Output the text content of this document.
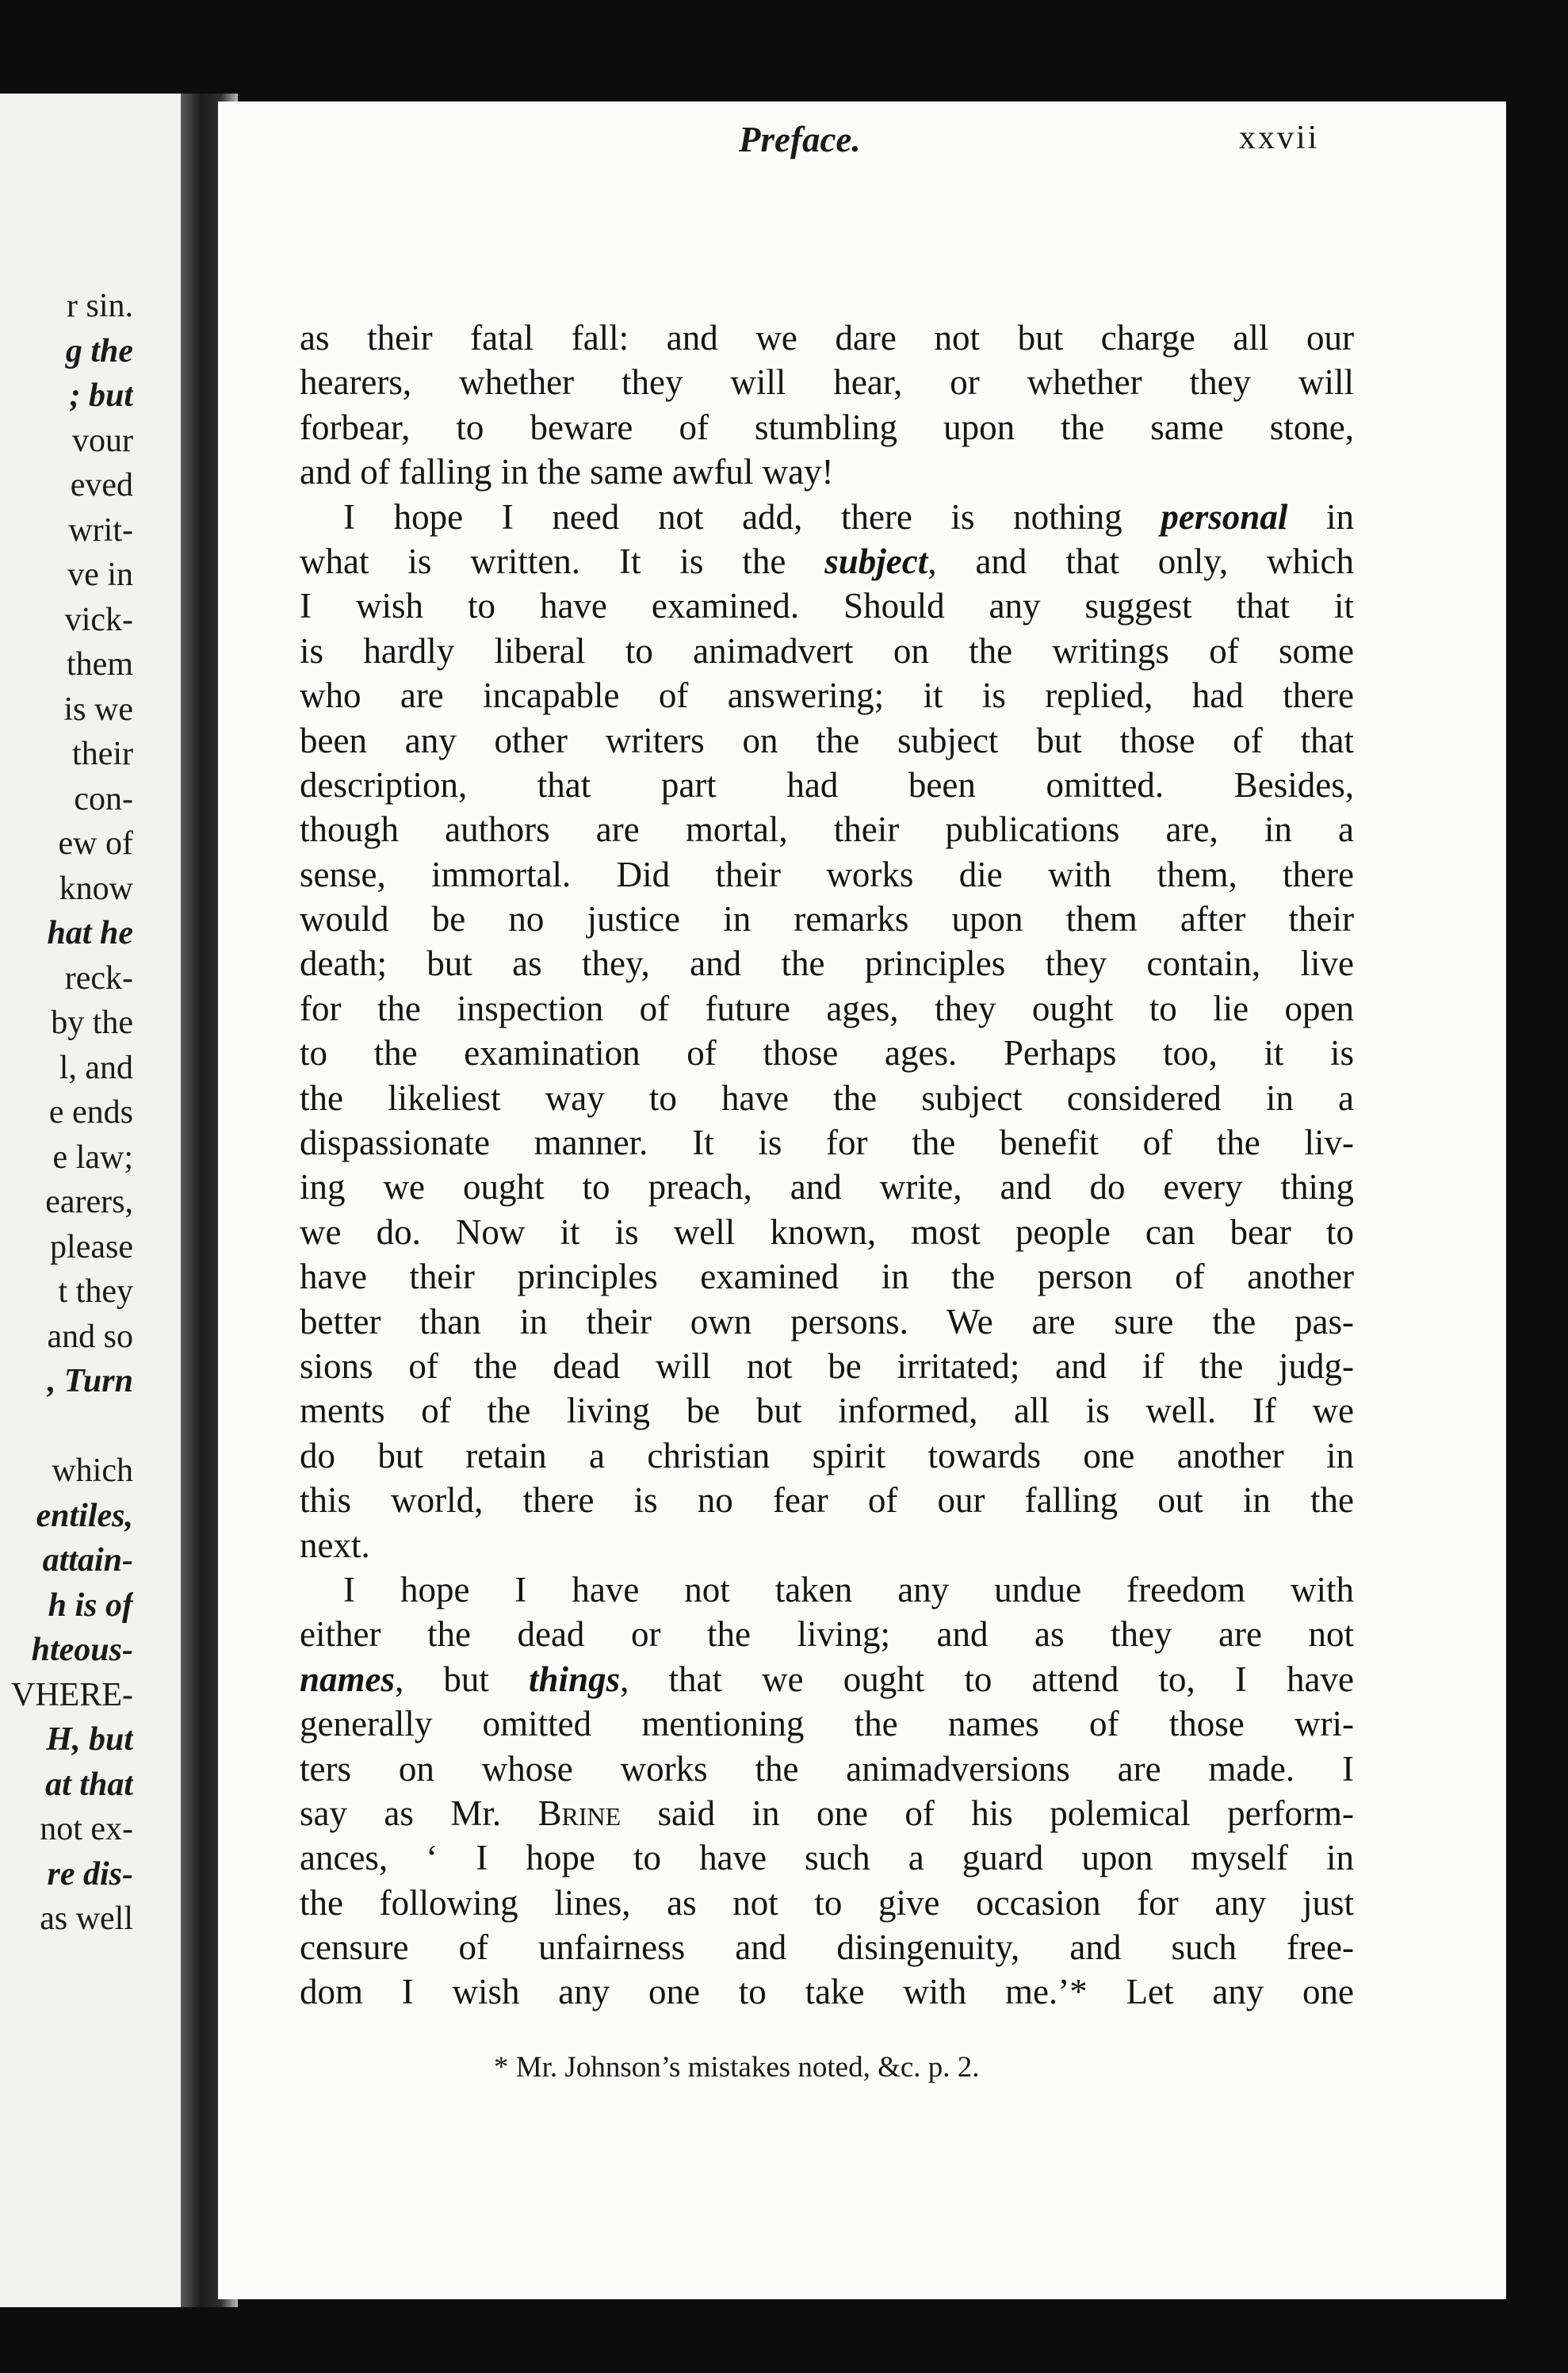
r sin.
g the
; but
vour
eved
writ-
ve in
vick-
them
is we
their
con-
ew of
know
hat he
reck-
by the
l, and
e ends
e law;
earers,
please
t they
and so
, Turn
which
entiles,
attain-
h is of
hteous-
VHERE-
H, but
at that
not ex-
re dis-
as well
Preface.	xxvii
as their fatal fall: and we dare not but charge all our
hearers, whether they will hear, or whether they will
forbear, to beware of stumbling upon the same stone,
and of falling in the same awful way!
I hope I need not add, there is nothing personal in
what is written. It is the subject, and that only, which
I wish to have examined. Should any suggest that it
is hardly liberal to animadvert on the writings of some
who are incapable of answering; it is replied, had there
been any other writers on the subject but those of that
description, that part had been omitted. Besides,
though authors are mortal, their publications are, in a
sense, immortal. Did their works die with them, there
would be no justice in remarks upon them after their
death; but as they, and the principles they contain, live
for the inspection of future ages, they ought to lie open
to the examination of those ages. Perhaps too, it is
the likeliest way to have the subject considered in a
dispassionate manner. It is for the benefit of the liv-
ing we ought to preach, and write, and do every thing
we do. Now it is well known, most people can bear to
have their principles examined in the person of another
better than in their own persons. We are sure the pas-
sions of the dead will not be irritated; and if the judg-
ments of the living be but informed, all is well. If we
do but retain a christian spirit towards one another in
this world, there is no fear of our falling out in the
next.
I hope I have not taken any undue freedom with
either the dead or the living; and as they are not
names, but things, that we ought to attend to, I have
generally omitted mentioning the names of those wri-
ters on whose works the animadversions are made. I
say as Mr. Brine said in one of his polemical perform-
ances, ‘ I hope to have such a guard upon myself in
the following lines, as not to give occasion for any just
censure of unfairness and disingenuity, and such free-
dom I wish any one to take with me.’* Let any one
* Mr. Johnson’s mistakes noted, &c. p. 2.
